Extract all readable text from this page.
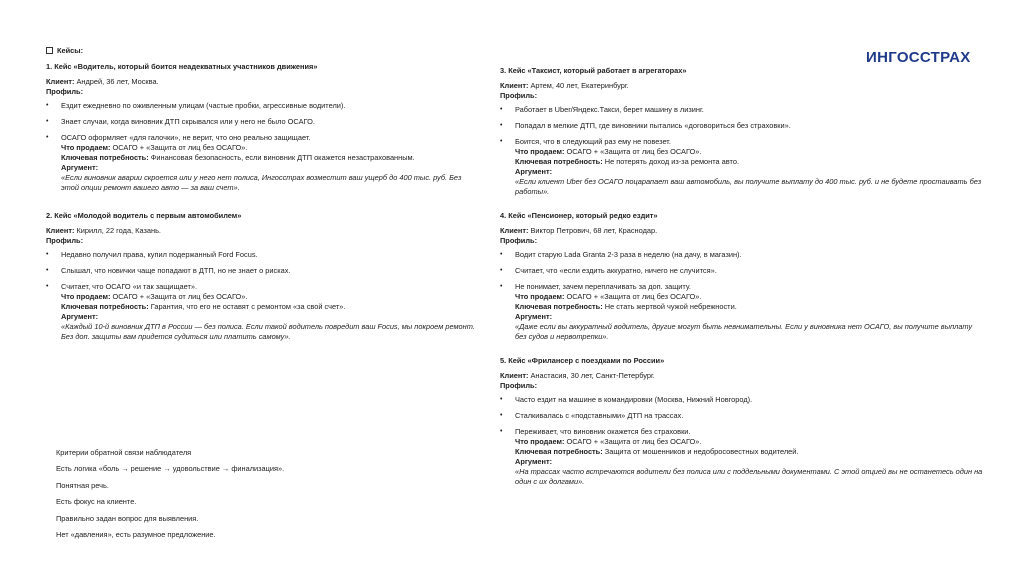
ИНГОССТРАХ
Кейсы:
1. Кейс «Водитель, который боится неадекватных участников движения»
Клиент: Андрей, 36 лет, Москва.
Профиль:
• Ездит ежедневно по оживленным улицам (частые пробки, агрессивные водители).
• Знает случаи, когда виновник ДТП скрывался или у него не было ОСАГО.
• ОСАГО оформляет «для галочки», не верит, что оно реально защищает.
Что продаем: ОСАГО + «Защита от лиц без ОСАГО».
Ключевая потребность: Финансовая безопасность, если виновник ДТП окажется незастрахованным.
Аргумент:
«Если виновник аварии скроется или у него нет полиса, Ингосстрах возместит ваш ущерб до 400 тыс. руб. Без этой опции ремонт вашего авто — за ваш счет».
2. Кейс «Молодой водитель с первым автомобилем»
Клиент: Кирилл, 22 года, Казань.
Профиль:
• Недавно получил права, купил подержанный Ford Focus.
• Слышал, что новички чаще попадают в ДТП, но не знает о рисках.
• Считает, что ОСАГО «и так защищает».
Что продаем: ОСАГО + «Защита от лиц без ОСАГО».
Ключевая потребность: Гарантия, что его не оставят с ремонтом «за свой счет».
Аргумент:
«Каждый 10-й виновник ДТП в России — без полиса. Если такой водитель повредит ваш Focus, мы покроем ремонт. Без доп. защиты вам придется судиться или платить самому».
Критерии обратной связи наблюдателя
Есть логика «боль → решение → удовольствие → финализация».
Понятная речь.
Есть фокус на клиенте.
Правильно задан вопрос для выявления.
Нет «давления», есть разумное предложение.
3. Кейс «Таксист, который работает в агрегаторах»
Клиент: Артем, 40 лет, Екатеринбург.
Профиль:
• Работает в Uber/Яндекс.Такси, берет машину в лизинг.
• Попадал в мелкие ДТП, где виновники пытались «договориться без страховки».
• Боится, что в следующий раз ему не повезет.
Что продаем: ОСАГО + «Защита от лиц без ОСАГО».
Ключевая потребность: Не потерять доход из-за ремонта авто.
Аргумент:
«Если клиент Uber без ОСАГО поцарапает ваш автомобиль, вы получите выплату до 400 тыс. руб. и не будете простаивать без работы».
4. Кейс «Пенсионер, который редко ездит»
Клиент: Виктор Петрович, 68 лет, Краснодар.
Профиль:
• Водит старую Lada Granta 2-3 раза в неделю (на дачу, в магазин).
• Считает, что «если ездить аккуратно, ничего не случится».
• Не понимает, зачем переплачивать за доп. защиту.
Что продаем: ОСАГО + «Защита от лиц без ОСАГО».
Ключевая потребность: Не стать жертвой чужой небрежности.
Аргумент:
«Даже если вы аккуратный водитель, другие могут быть невнимательны. Если у виновника нет ОСАГО, вы получите выплату без судов и нервотрепки».
5. Кейс «Фрилансер с поездками по России»
Клиент: Анастасия, 30 лет, Санкт-Петербург.
Профиль:
• Часто ездит на машине в командировки (Москва, Нижний Новгород).
• Сталкивалась с «подставными» ДТП на трассах.
• Переживает, что виновник окажется без страховки.
Что продаем: ОСАГО + «Защита от лиц без ОСАГО».
Ключевая потребность: Защита от мошенников и недобросовестных водителей.
Аргумент:
«На трассах часто встречаются водители без полиса или с поддельными документами. С этой опцией вы не останетесь один на один с их долгами».
